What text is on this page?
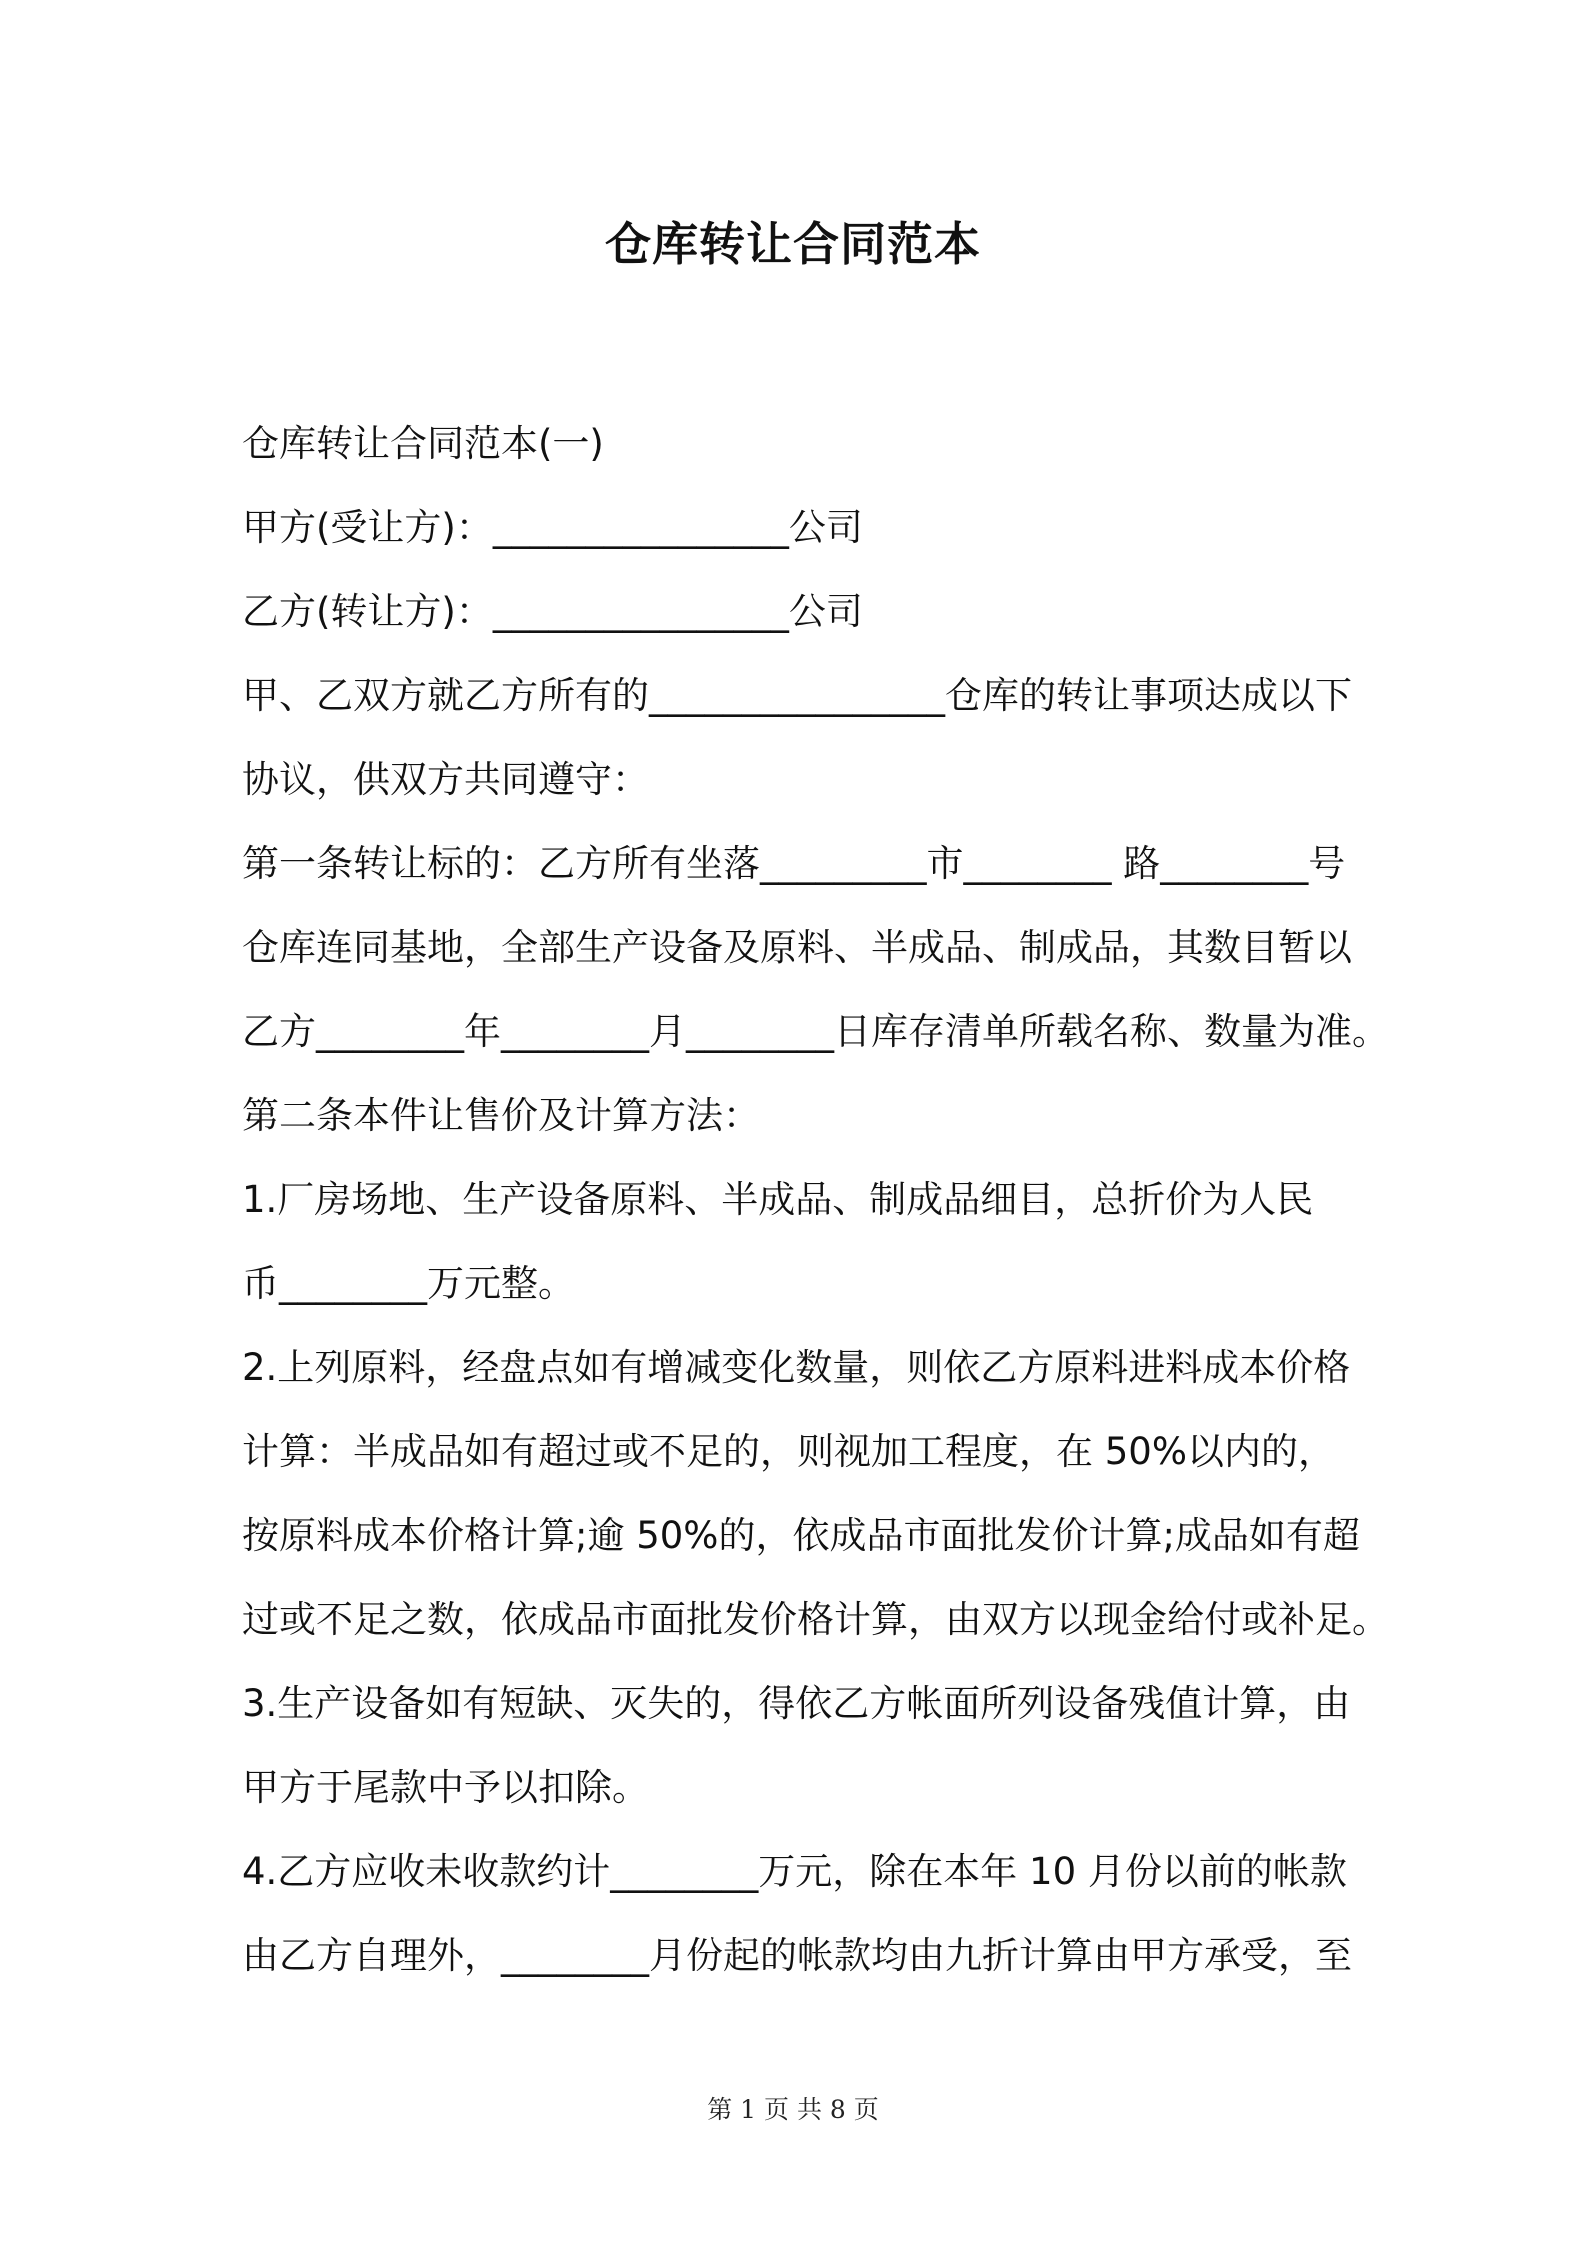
仓库转让合同范本

仓库转让合同范本(一)

甲方(受让方)：________________公司

乙方(转让方)：________________公司

甲、乙双方就乙方所有的________________仓库的转让事项达成以下

协议，供双方共同遵守：

第一条转让标的：乙方所有坐落_________市________ 路________号

仓库连同基地，全部生产设备及原料、半成品、制成品，其数目暂以

乙方________年________月________日库存清单所载名称、数量为准。

第二条本件让售价及计算方法：

1.厂房场地、生产设备原料、半成品、制成品细目，总折价为人民

币________万元整。

2.上列原料，经盘点如有增减变化数量，则依乙方原料进料成本价格

计算：半成品如有超过或不足的，则视加工程度，在 50%以内的，

按原料成本价格计算;逾 50%的，依成品市面批发价计算;成品如有超

过或不足之数，依成品市面批发价格计算，由双方以现金给付或补足。

3.生产设备如有短缺、灭失的，得依乙方帐面所列设备残值计算，由

甲方于尾款中予以扣除。

4.乙方应收未收款约计________万元，除在本年 10 月份以前的帐款

由乙方自理外，________月份起的帐款均由九折计算由甲方承受，至

第 1 页 共 8 页
